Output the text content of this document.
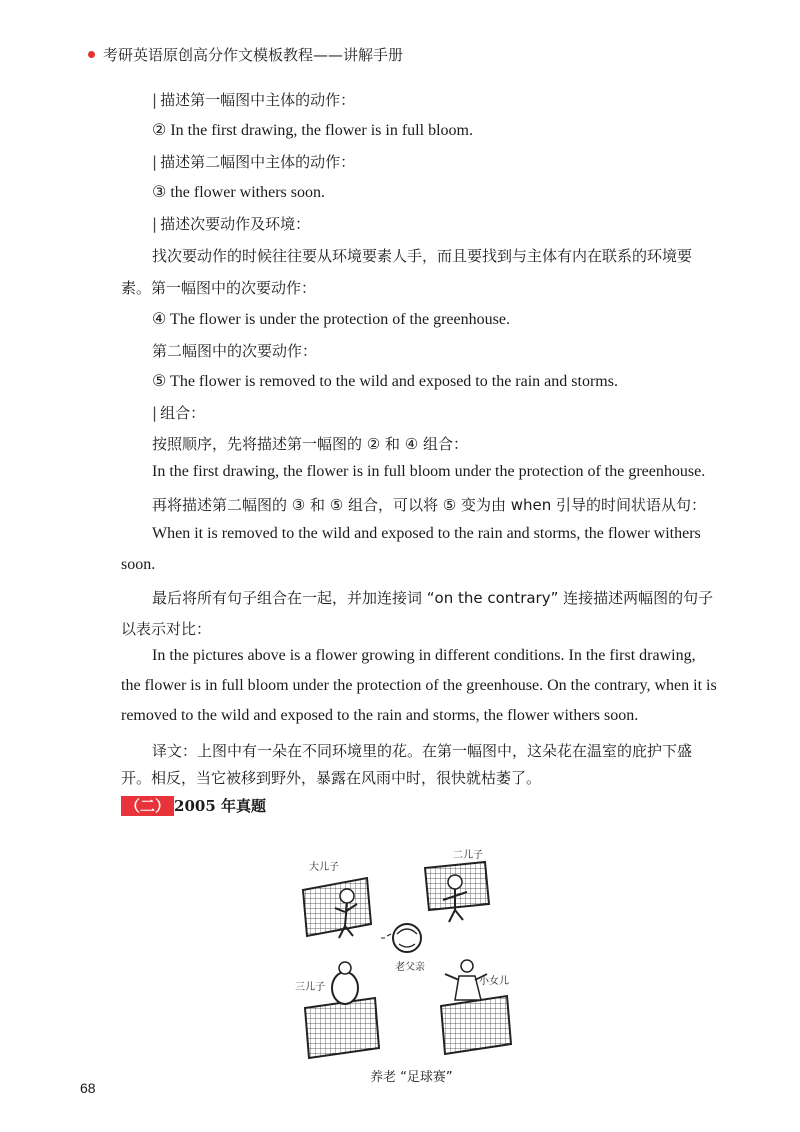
考研英语原创高分作文模板教程——讲解手册
| 描述第一幅图中主体的动作：
② In the first drawing, the flower is in full bloom.
| 描述第二幅图中主体的动作：
③ the flower withers soon.
| 描述次要动作及环境：
找次要动作的时候往往要从环境要素人手，而且要找到与主体有内在联系的环境要
素。第一幅图中的次要动作：
④ The flower is under the protection of the greenhouse.
第二幅图中的次要动作：
⑤ The flower is removed to the wild and exposed to the rain and storms.
| 组合：
按照顺序，先将描述第一幅图的 ② 和 ④ 组合：
In the first drawing, the flower is in full bloom under the protection of the greenhouse.
再将描述第二幅图的 ③ 和 ⑤ 组合，可以将 ⑤ 变为由 when 引导的时间状语从句：
When it is removed to the wild and exposed to the rain and storms, the flower withers
soon.
最后将所有句子组合在一起，并加连接词 “on the contrary” 连接描述两幅图的句子
以表示对比：
In the pictures above is a flower growing in different conditions. In the first drawing,
the flower is in full bloom under the protection of the greenhouse. On the contrary, when it is
removed to the wild and exposed to the rain and storms, the flower withers soon.
译文：上图中有一朵在不同环境里的花。在第一幅图中，这朵花在温室的庇护下盛
开。相反，当它被移到野外，暴露在风雨中时，很快就枯萎了。
（二） 2005 年真题
大儿子
二儿子
老父亲
三儿子
小女儿
养老 “足球赛”
68
